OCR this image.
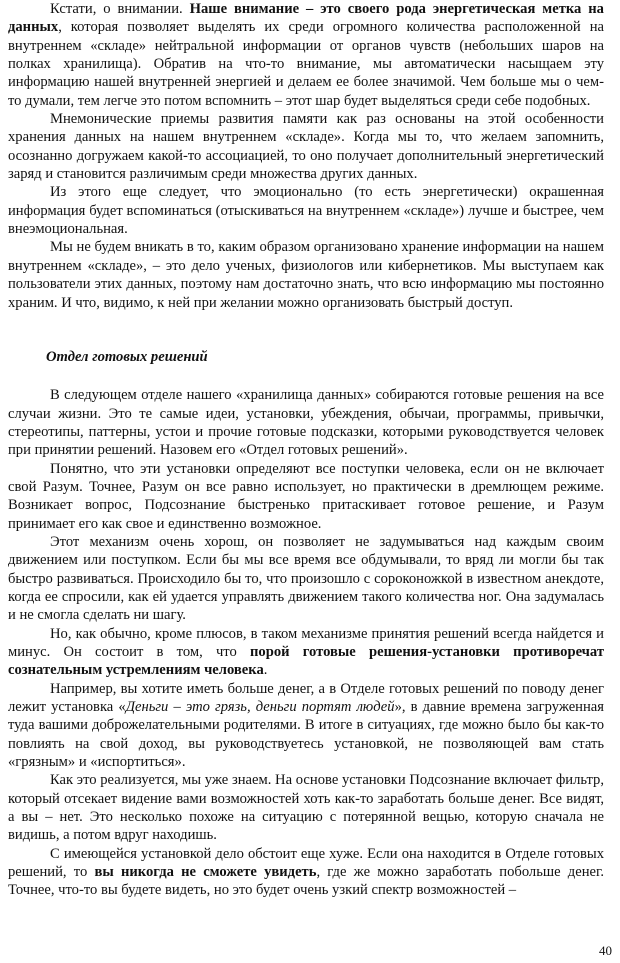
Кстати, о внимании. Наше внимание – это своего рода энергетическая метка на данных, которая позволяет выделять их среди огромного количества расположенной на внутреннем «складе» нейтральной информации от органов чувств (небольших шаров на полках хранилища). Обратив на что-то внимание, мы автоматически насыщаем эту информацию нашей внутренней энергией и делаем ее более значимой. Чем больше мы о чем-то думали, тем легче это потом вспомнить – этот шар будет выделяться среди себе подобных.

Мнемонические приемы развития памяти как раз основаны на этой особенности хранения данных на нашем внутреннем «складе». Когда мы то, что желаем запомнить, осознанно догружаем какой-то ассоциацией, то оно получает дополнительный энергетический заряд и становится различимым среди множества других данных.

Из этого еще следует, что эмоционально (то есть энергетически) окрашенная информация будет вспоминаться (отыскиваться на внутреннем «складе») лучше и быстрее, чем внеэмоциональная.

Мы не будем вникать в то, каким образом организовано хранение информации на нашем внутреннем «складе», – это дело ученых, физиологов или кибернетиков. Мы выступаем как пользователи этих данных, поэтому нам достаточно знать, что всю информацию мы постоянно храним. И что, видимо, к ней при желании можно организовать быстрый доступ.

Отдел готовых решений

В следующем отделе нашего «хранилища данных» собираются готовые решения на все случаи жизни. Это те самые идеи, установки, убеждения, обычаи, программы, привычки, стереотипы, паттерны, устои и прочие готовые подсказки, которыми руководствуется человек при принятии решений. Назовем его «Отдел готовых решений».

Понятно, что эти установки определяют все поступки человека, если он не включает свой Разум. Точнее, Разум он все равно использует, но практически в дремлющем режиме. Возникает вопрос, Подсознание быстренько притаскивает готовое решение, и Разум принимает его как свое и единственно возможное.

Этот механизм очень хорош, он позволяет не задумываться над каждым своим движением или поступком. Если бы мы все время все обдумывали, то вряд ли могли бы так быстро развиваться. Происходило бы то, что произошло с сороконожкой в известном анекдоте, когда ее спросили, как ей удается управлять движением такого количества ног. Она задумалась и не смогла сделать ни шагу.

Но, как обычно, кроме плюсов, в таком механизме принятия решений всегда найдется и минус. Он состоит в том, что порой готовые решения-установки противоречат сознательным устремлениям человека.

Например, вы хотите иметь больше денег, а в Отделе готовых решений по поводу денег лежит установка «Деньги – это грязь, деньги портят людей», в давние времена загруженная туда вашими доброжелательными родителями. В итоге в ситуациях, где можно было бы как-то повлиять на свой доход, вы руководствуетесь установкой, не позволяющей вам стать «грязным» и «испортиться».

Как это реализуется, мы уже знаем. На основе установки Подсознание включает фильтр, который отсекает видение вами возможностей хоть как-то заработать больше денег. Все видят, а вы – нет. Это несколько похоже на ситуацию с потерянной вещью, которую сначала не видишь, а потом вдруг находишь.

С имеющейся установкой дело обстоит еще хуже. Если она находится в Отделе готовых решений, то вы никогда не сможете увидеть, где же можно заработать побольше денег. Точнее, что-то вы будете видеть, но это будет очень узкий спектр возможностей –

40
